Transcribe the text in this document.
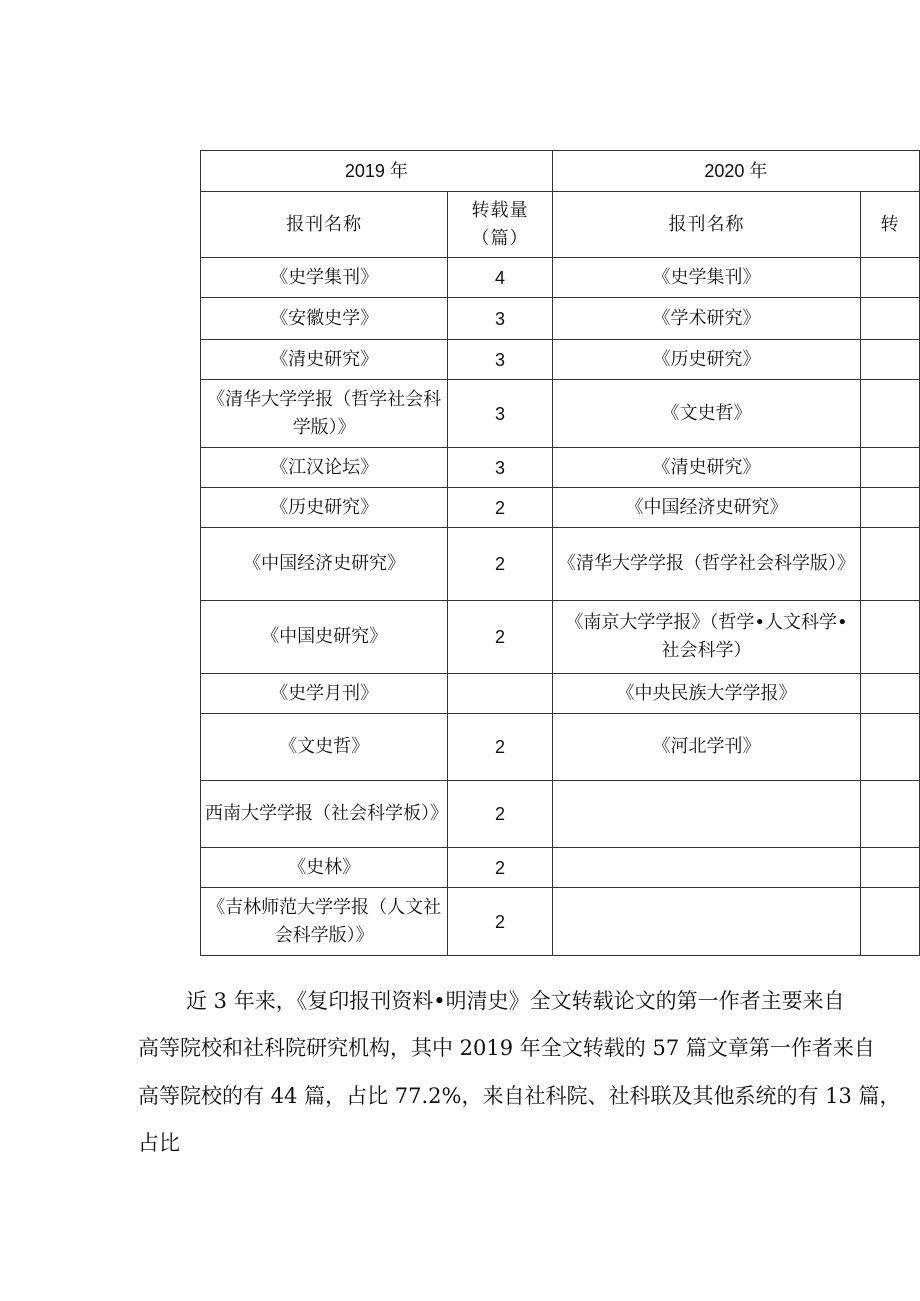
2019 年		2020 年	
报刊名称	转载量（篇）	报刊名称	转
《史学集刊》	4	《史学集刊》	
《安徽史学》	3	《学术研究》	
《清史研究》	3	《历史研究》	
《清华大学学报（哲学社会科学版）》	3	《文史哲》	
《江汉论坛》	3	《清史研究》	
《历史研究》	2	《中国经济史研究》	
《中国经济史研究》	2	《清华大学学报（哲学社会科学版）》	
《中国史研究》	2	《南京大学学报》（哲学•人文科学•社会科学）	
《史学月刊》		《中央民族大学学报》	
《文史哲》	2	《河北学刊》	
西南大学学报（社会科学板）》	2		
《史林》	2		
《吉林师范大学学报（人文社会科学版）》	2		
近 3 年来，《复印报刊资料•明清史》全文转载论文的第一作者主要来自
高等院校和社科院研究机构，其中 2019 年全文转载的 57 篇文章第一作者来自
高等院校的有 44 篇，占比 77.2%，来自社科院、社科联及其他系统的有 13 篇，
占比
